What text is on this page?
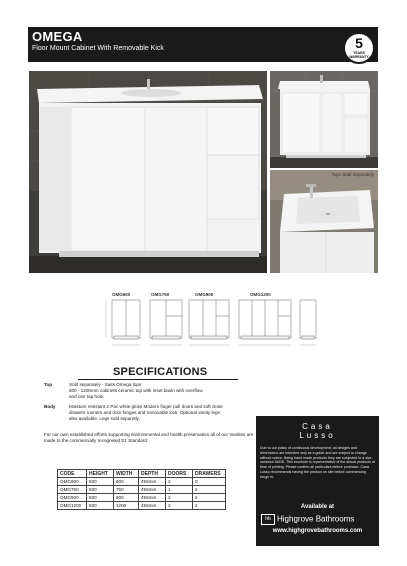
OMEGA
Floor Mount Cabinet With Removable Kick	5
YEARS
WARRANTY
Tops Sold Separately
OMG600	OMG750	OMG900	OMG1200
SPECIFICATIONS
Top	Sold separately - Suits Omega tops
600 - 1200mm cabinets ceramic top with inset basin with overflow
and one tap hole.
Body	Moisture resistant 2 Pac white gloss Modern finger pull doors and soft close
drawers runners and door hinges and removable kick. Optional vanity legs
also available. Legs sold separetly,
For our own established efforts supporting environmental and health preservation all of our Vanities are made to the commercially recognised E1 Standard.
CODE	HEIGHT	WIDTH	DEPTH	DOORS	DRAWERS
OMG600	830	600	455mm	2	0
OMG750	830	750	455mm	1	2
OMG900	830	900	455mm	2	2
OMG1200	830	1200	455mm	2	2
Casa
Lusso
Due to our policy of continuous development, all designs and dimensions are intended only as a guide and are subject to change without notice. Being hand made products they are subjected to a size variance 5&OE. This brochure is representative of the actual products at time of printing. Please confirm all particulars before purchase. Casa Lusso recommends having the product on site before commencing rough in.
Available at
hb Highgrove Bathrooms
www.highgrovebathrooms.com
